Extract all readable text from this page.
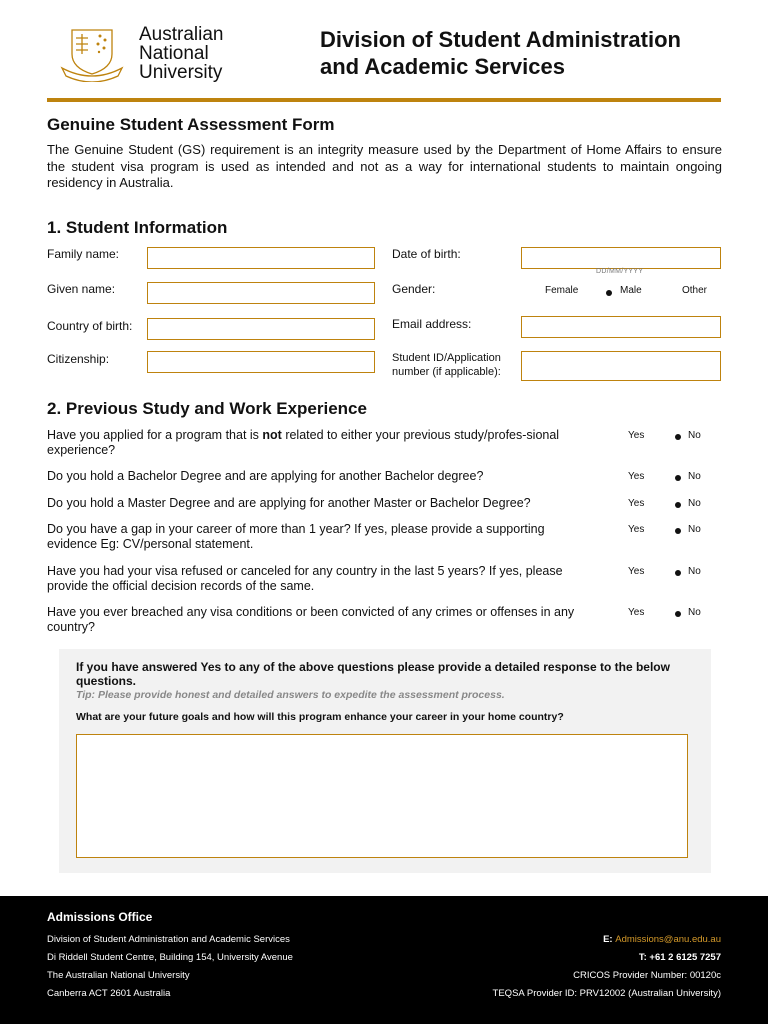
Australian
National
University
Division of Student Administration
and Academic Services
Genuine Student Assessment Form
The Genuine Student (GS) requirement is an integrity measure used by the Department of Home Affairs to ensure the student visa program is used as intended and not as a way for international students to maintain ongoing residency in Australia.
1. Student Information
Family name:
Given name:
Country of birth:
Citizenship:
Date of birth:
DD/MM/YYYY
Gender:	Female	Male	Other
Email address:
Student ID/Application
number (if applicable):
2. Previous Study and Work Experience
Have you applied for a program that is not related to either your previous study/profes-sional experience?
Yes	No
Do you hold a Bachelor Degree and are applying for another Bachelor degree?	Yes	No
Do you hold a Master Degree and are applying for another Master or Bachelor Degree?	Yes	No
Do you have a gap in your career of more than 1 year? If yes, please provide a supporting evidence Eg: CV/personal statement.
Yes	No
Have you had your visa refused or canceled for any country in the last 5 years? If yes, please provide the official decision records of the same.
Yes	No
Have you ever breached any visa conditions or been convicted of any crimes or offenses in any country?
Yes	No
If you have answered Yes to any of the above questions please provide a detailed response to the below questions.
Tip: Please provide honest and detailed answers to expedite the assessment process.
What are your future goals and how will this program enhance your career in your home country?
Admissions Office
Division of Student Administration and Academic Services
Di Riddell Student Centre, Building 154, University Avenue
The Australian National University
Canberra ACT 2601 Australia
E: Admissions@anu.edu.au
T: +61 2 6125 7257
CRICOS Provider Number: 00120c
TEQSA Provider ID: PRV12002 (Australian University)
